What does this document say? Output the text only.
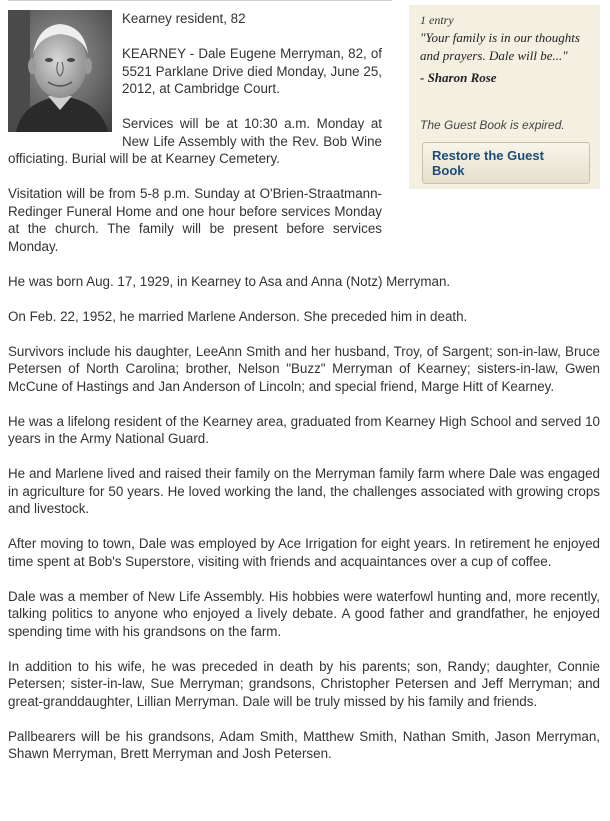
Kearney resident, 82

KEARNEY - Dale Eugene Merryman, 82, of 5521 Parklane Drive died Monday, June 25, 2012, at Cambridge Court.

Services will be at 10:30 a.m. Monday at New Life Assembly with the Rev. Bob Wine officiating. Burial will be at Kearney Cemetery.

Visitation will be from 5-8 p.m. Sunday at O'Brien-Straatmann-Redinger Funeral Home and one hour before services Monday at the church. The family will be present before services Monday.

He was born Aug. 17, 1929, in Kearney to Asa and Anna (Notz) Merryman.

On Feb. 22, 1952, he married Marlene Anderson. She preceded him in death.

Survivors include his daughter, LeeAnn Smith and her husband, Troy, of Sargent; son-in-law, Bruce Petersen of North Carolina; brother, Nelson "Buzz" Merryman of Kearney; sisters-in-law, Gwen McCune of Hastings and Jan Anderson of Lincoln; and special friend, Marge Hitt of Kearney.

He was a lifelong resident of the Kearney area, graduated from Kearney High School and served 10 years in the Army National Guard.

He and Marlene lived and raised their family on the Merryman family farm where Dale was engaged in agriculture for 50 years. He loved working the land, the challenges associated with growing crops and livestock.

After moving to town, Dale was employed by Ace Irrigation for eight years. In retirement he enjoyed time spent at Bob's Superstore, visiting with friends and acquaintances over a cup of coffee.

Dale was a member of New Life Assembly. His hobbies were waterfowl hunting and, more recently, talking politics to anyone who enjoyed a lively debate. A good father and grandfather, he enjoyed spending time with his grandsons on the farm.

In addition to his wife, he was preceded in death by his parents; son, Randy; daughter, Connie Petersen; sister-in-law, Sue Merryman; grandsons, Christopher Petersen and Jeff Merryman; and great-granddaughter, Lillian Merryman. Dale will be truly missed by his family and friends.

Pallbearers will be his grandsons, Adam Smith, Matthew Smith, Nathan Smith, Jason Merryman, Shawn Merryman, Brett Merryman and Josh Petersen.

1 entry
"Your family is in our thoughts and prayers. Dale will be..."
- Sharon Rose
The Guest Book is expired.
Restore the Guest Book
